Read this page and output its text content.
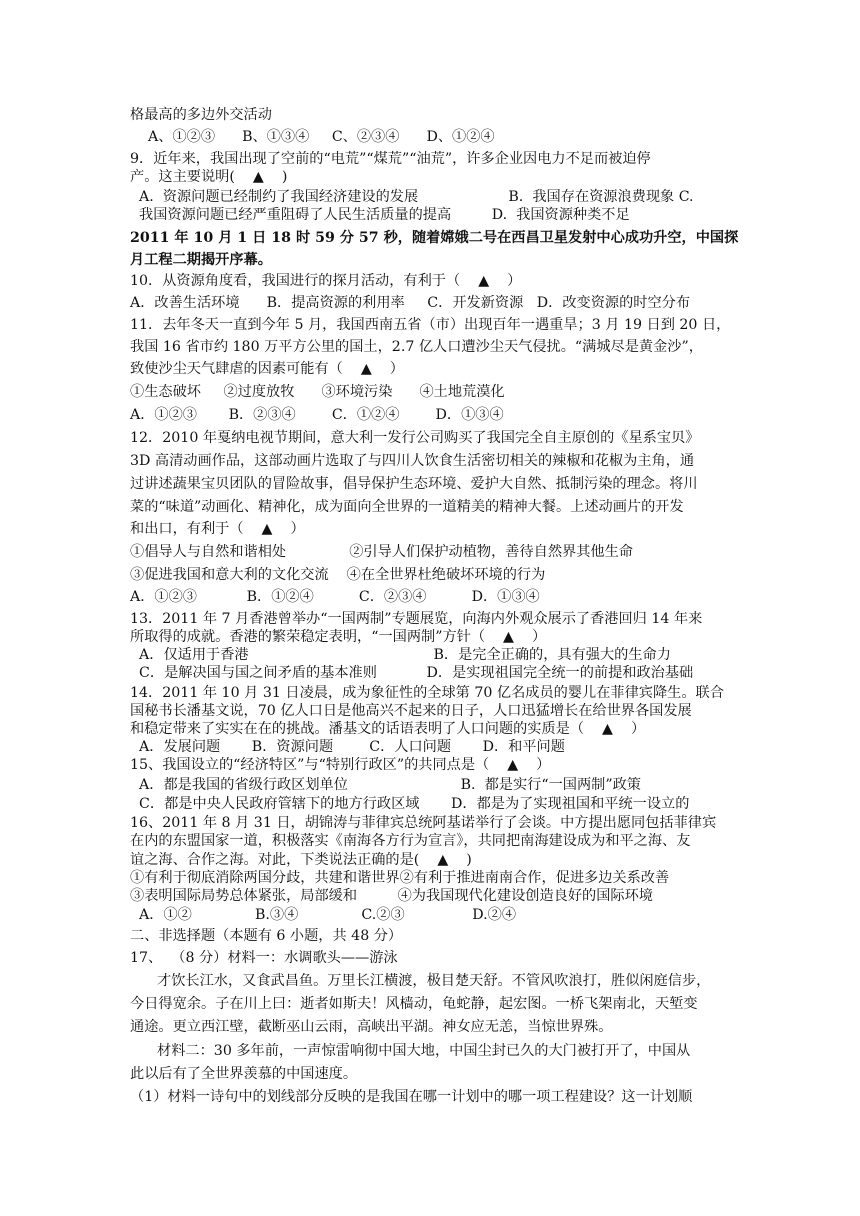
格最高的多边外交活动
A、①②③      B、①③④     C、②③④      D、①②④
9．近年来，我国出现了空前的“电荒”“煤荒”“油荒”，许多企业因电力不足而被迫停
产。这主要说明(    ▲    )
A.  资源问题已经制约了我国经济建设的发展                    B.  我国存在资源浪费现象 C.
我国资源问题已经严重阻碍了人民生活质量的提高         D.  我国资源种类不足
2011 年 10 月 1 日 18 时 59 分 57 秒，随着嫦娥二号在西昌卫星发射中心成功升空，中国探
月工程二期揭开序幕。
10．从资源角度看，我国进行的探月活动，有利于（    ▲    ）
A．改善生活环境      B．提高资源的利用率     C．开发新资源   D．改变资源的时空分布
11．去年冬天一直到今年 5 月，我国西南五省（市）出现百年一遇重旱；3 月 19 日到 20 日，
我国 16 省市约 180 万平方公里的国土，2.7 亿人口遭沙尘天气侵扰。“满城尽是黄金沙”，
致使沙尘天气肆虐的因素可能有（    ▲    ）
①生态破坏     ②过度放牧      ③环境污染      ④土地荒漠化
A．①②③       B．②③④        C．①②④        D．①③④
12．2010 年戛纳电视节期间，意大利一发行公司购买了我国完全自主原创的《星系宝贝》
3D 高清动画作品，这部动画片选取了与四川人饮食生活密切相关的辣椒和花椒为主角，通
过讲述蔬果宝贝团队的冒险故事，倡导保护生态环境、爱护大自然、抵制污染的理念。将川
菜的“味道”动画化、精神化，成为面向全世界的一道精美的精神大餐。上述动画片的开发
和出口，有利于（    ▲    ）
①倡导人与自然和谐相处              ②引导人们保护动植物，善待自然界其他生命
③促进我国和意大利的文化交流    ④在全世界杜绝破坏环境的行为
A．①②③           B．①②④          C．②③④          D．①③④
13．2011 年 7 月香港曾举办“一国两制”专题展览，向海内外观众展示了香港回归 14 年来
所取得的成就。香港的繁荣稳定表明，“一国两制”方针（    ▲    ）
A．仅适用于香港                                         B．是完全正确的，具有强大的生命力
C．是解决国与国之间矛盾的基本准则           D．是实现祖国完全统一的前提和政治基础
14．2011 年 10 月 31 日凌晨，成为象征性的全球第 70 亿名成员的婴儿在菲律宾降生。联合
国秘书长潘基文说，70 亿人口日是他高兴不起来的日子，人口迅猛增长在给世界各国发展
和稳定带来了实实在在的挑战。潘基文的话语表明了人口问题的实质是（    ▲    ）
A．发展问题       B．资源问题        C．人口问题       D．和平问题
15、我国设立的“经济特区”与“特别行政区”的共同点是（    ▲    ）
A．都是我国的省级行政区划单位                         B.  都是实行“一国两制”政策
C．都是中央人民政府管辖下的地方行政区域       D．都是为了实现祖国和平统一设立的
16、2011 年 8 月 31 日，胡锦涛与菲律宾总统阿基诺举行了会谈。中方提出愿同包括菲律宾
在内的东盟国家一道，积极落实《南海各方行为宣言》，共同把南海建设成为和平之海、友
谊之海、合作之海。对此，下类说法正确的是(    ▲    )
①有利于彻底消除两国分歧，共建和谐世界②有利于推进南南合作，促进多边关系改善
③表明国际局势总体紧张，局部缓和         ④为我国现代化建设创造良好的国际环境
A．①②              B.③④              C.②③               D.②④
二、非选择题（本题有 6 小题，共 48 分）
17、  （8 分）材料一：水调歌头——游泳
才饮长江水，又食武昌鱼。万里长江横渡，极目楚天舒。不管风吹浪打，胜似闲庭信步，
今日得宽余。子在川上曰：逝者如斯夫！风樯动，龟蛇静，起宏图。一桥飞架南北，天堑变
通途。更立西江壁，截断巫山云雨，高峡出平湖。神女应无恙，当惊世界殊。
材料二：30 多年前，一声惊雷响彻中国大地，中国尘封已久的大门被打开了，中国从
此以后有了全世界羡慕的中国速度。
（1）材料一诗句中的划线部分反映的是我国在哪一计划中的哪一项工程建设？这一计划顺
